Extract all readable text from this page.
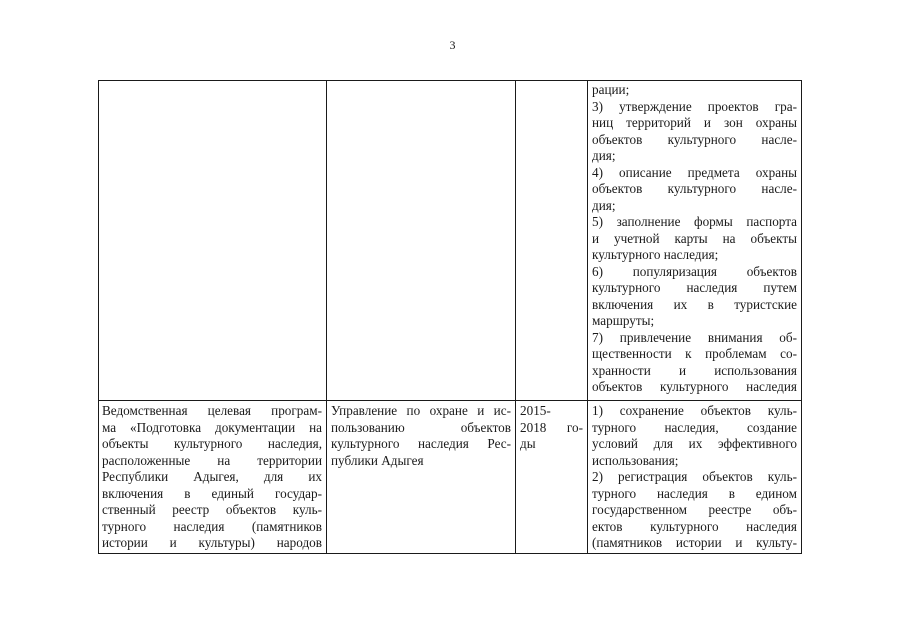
3
рации;
3) утверждение проектов гра-
ниц территорий и зон охраны
объектов культурного насле-
дия;
4) описание предмета охраны
объектов культурного насле-
дия;
5) заполнение формы паспорта
и учетной карты на объекты
культурного наследия;
6) популяризация объектов
культурного наследия путем
включения их в туристские
маршруты;
7) привлечение внимания об-
щественности к проблемам со-
хранности и использования
объектов культурного наследия
Ведомственная целевая програм-
ма «Подготовка документации на
объекты культурного наследия,
расположенные на территории
Республики Адыгея, для их
включения в единый государ-
ственный реестр объектов куль-
турного наследия (памятников
истории и культуры) народов
Управление по охране и ис-
пользованию объектов
культурного наследия Рес-
публики Адыгея
2015-
2018 го-
ды
1) сохранение объектов куль-
турного наследия, создание
условий для их эффективного
использования;
2) регистрация объектов куль-
турного наследия в едином
государственном реестре объ-
ектов культурного наследия
(памятников истории и культу-
